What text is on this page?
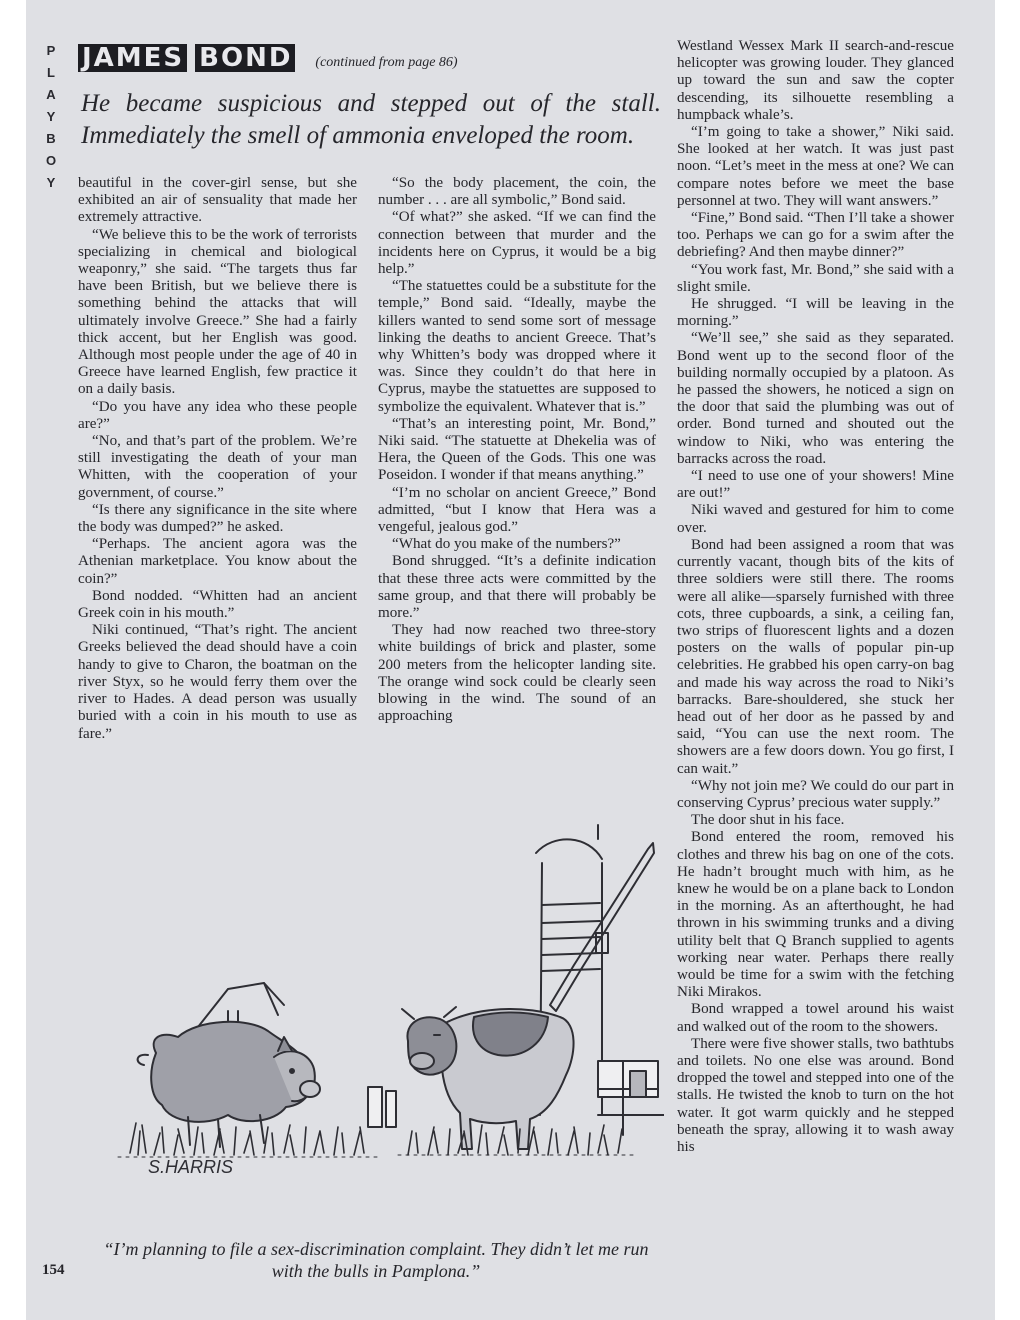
P
L
A
Y
B
O
Y
JAMES BOND (continued from page 86)
He became suspicious and stepped out of the stall. Immediately the smell of ammonia enveloped the room.

beautiful in the cover-girl sense, but she exhibited an air of sensuality that made her extremely attractive.

“We believe this to be the work of terrorists specializing in chemical and biological weaponry,” she said. “The targets thus far have been British, but we believe there is something behind the attacks that will ultimately involve Greece.” She had a fairly thick accent, but her English was good. Although most people under the age of 40 in Greece have learned English, few practice it on a daily basis.

“Do you have any idea who these people are?”

“No, and that’s part of the problem. We’re still investigating the death of your man Whitten, with the cooperation of your government, of course.”

“Is there any significance in the site where the body was dumped?” he asked.

“Perhaps. The ancient agora was the Athenian marketplace. You know about the coin?”

Bond nodded. “Whitten had an ancient Greek coin in his mouth.”

Niki continued, “That’s right. The ancient Greeks believed the dead should have a coin handy to give to Charon, the boatman on the river Styx, so he would ferry them over the river to Hades. A dead person was usually buried with a coin in his mouth to use as fare.”

“So the body placement, the coin, the number . . . are all symbolic,” Bond said.

“Of what?” she asked. “If we can find the connection between that murder and the incidents here on Cyprus, it would be a big help.”

“The statuettes could be a substitute for the temple,” Bond said. “Ideally, maybe the killers wanted to send some sort of message linking the deaths to ancient Greece. That’s why Whitten’s body was dropped where it was. Since they couldn’t do that here in Cyprus, maybe the statuettes are supposed to symbolize the equivalent. Whatever that is.”

“That’s an interesting point, Mr. Bond,” Niki said. “The statuette at Dhekelia was of Hera, the Queen of the Gods. This one was Poseidon. I wonder if that means anything.”

“I’m no scholar on ancient Greece,” Bond admitted, “but I know that Hera was a vengeful, jealous god.”

“What do you make of the numbers?”

Bond shrugged. “It’s a definite indication that these three acts were committed by the same group, and that there will probably be more.”

They had now reached two three-story white buildings of brick and plaster, some 200 meters from the helicopter landing site. The orange wind sock could be clearly seen blowing in the wind. The sound of an approaching

Westland Wessex Mark II search-and-rescue helicopter was growing louder. They glanced up toward the sun and saw the copter descending, its silhouette resembling a humpback whale’s.

“I’m going to take a shower,” Niki said. She looked at her watch. It was just past noon. “Let’s meet in the mess at one? We can compare notes before we meet the base personnel at two. They will want answers.”

“Fine,” Bond said. “Then I’ll take a shower too. Perhaps we can go for a swim after the debriefing? And then maybe dinner?”

“You work fast, Mr. Bond,” she said with a slight smile.

He shrugged. “I will be leaving in the morning.”

“We’ll see,” she said as they separated. Bond went up to the second floor of the building normally occupied by a platoon. As he passed the showers, he noticed a sign on the door that said the plumbing was out of order. Bond turned and shouted out the window to Niki, who was entering the barracks across the road.

“I need to use one of your showers! Mine are out!”

Niki waved and gestured for him to come over.

Bond had been assigned a room that was currently vacant, though bits of the kits of three soldiers were still there. The rooms were all alike—sparsely furnished with three cots, three cupboards, a sink, a ceiling fan, two strips of fluorescent lights and a dozen posters on the walls of popular pin-up celebrities. He grabbed his open carry-on bag and made his way across the road to Niki’s barracks. Bare-shouldered, she stuck her head out of her door as he passed by and said, “You can use the next room. The showers are a few doors down. You go first, I can wait.”

“Why not join me? We could do our part in conserving Cyprus’ precious water supply.”

The door shut in his face.

Bond entered the room, removed his clothes and threw his bag on one of the cots. He hadn’t brought much with him, as he knew he would be on a plane back to London in the morning. As an afterthought, he had thrown in his swimming trunks and a diving utility belt that Q Branch supplied to agents working near water. Perhaps there really would be time for a swim with the fetching Niki Mirakos.

Bond wrapped a towel around his waist and walked out of the room to the showers.

There were five shower stalls, two bathtubs and toilets. No one else was around. Bond dropped the towel and stepped into one of the stalls. He twisted the knob to turn on the hot water. It got warm quickly and he stepped beneath the spray, allowing it to wash away his

S.HARRIS
“I’m planning to file a sex-discrimination complaint. They didn’t let me run with the bulls in Pamplona.”
154
